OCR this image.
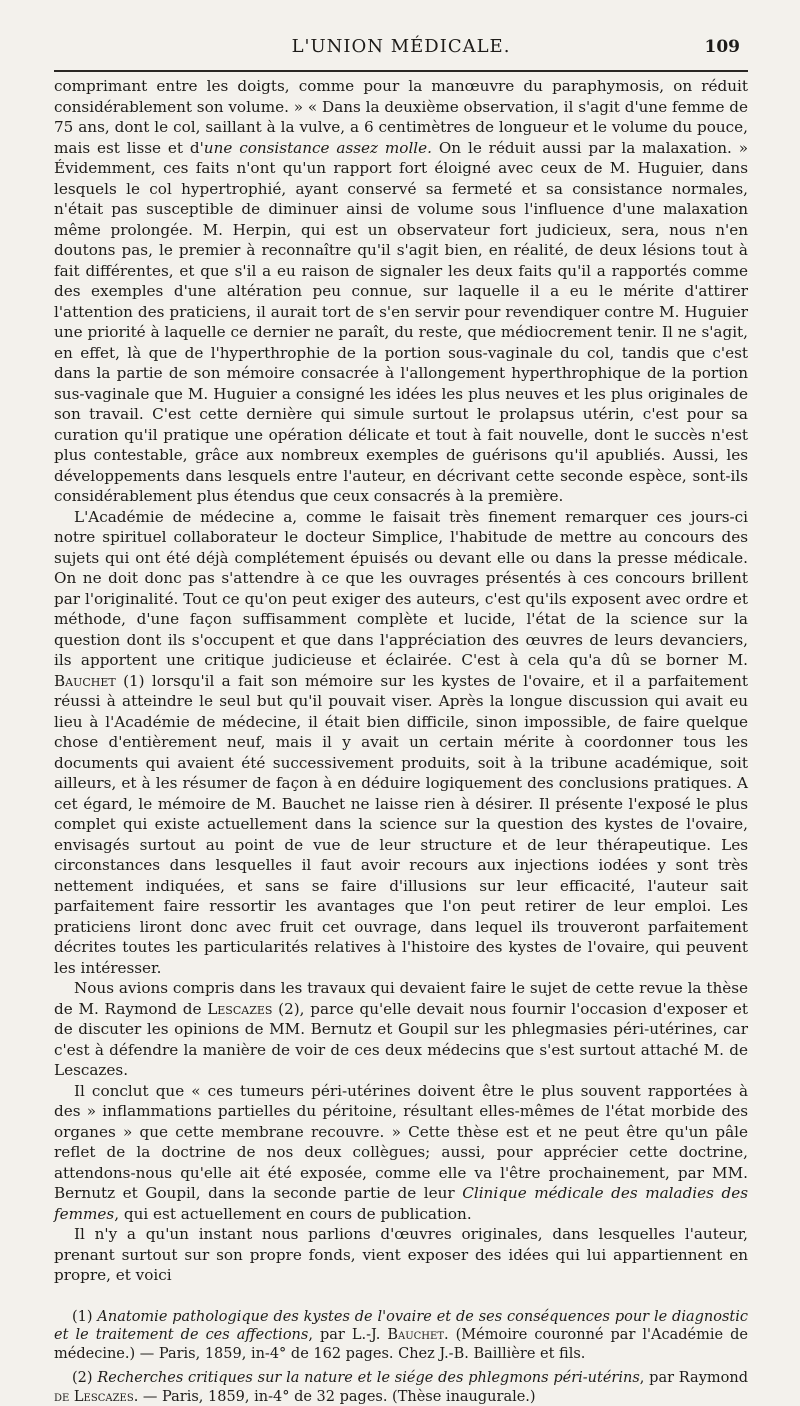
L'UNION MÉDICALE.	109

comprimant entre les doigts, comme pour la manœuvre du paraphymosis, on réduit considérablement son volume. » « Dans la deuxième observation, il s'agit d'une femme de 75 ans, dont le col, saillant à la vulve, a 6 centimètres de longueur et le volume du pouce, mais est lisse et d'une consistance assez molle. On le réduit aussi par la malaxation. » Évidemment, ces faits n'ont qu'un rapport fort éloigné avec ceux de M. Huguier, dans lesquels le col hypertrophié, ayant conservé sa fermeté et sa consistance normales, n'était pas susceptible de diminuer ainsi de volume sous l'influence d'une malaxation même prolongée. M. Herpin, qui est un observateur fort judicieux, sera, nous n'en doutons pas, le premier à reconnaître qu'il s'agit bien, en réalité, de deux lésions tout à fait différentes, et que s'il a eu raison de signaler les deux faits qu'il a rapportés comme des exemples d'une altération peu connue, sur laquelle il a eu le mérite d'attirer l'attention des praticiens, il aurait tort de s'en servir pour revendiquer contre M. Huguier une priorité à laquelle ce dernier ne paraît, du reste, que médiocrement tenir. Il ne s'agit, en effet, là que de l'hyperthrophie de la portion sous-vaginale du col, tandis que c'est dans la partie de son mémoire consacrée à l'allongement hyperthrophique de la portion sus-vaginale que M. Huguier a consigné les idées les plus neuves et les plus originales de son travail. C'est cette dernière qui simule surtout le prolapsus utérin, c'est pour sa curation qu'il pratique une opération délicate et tout à fait nouvelle, dont le succès n'est plus contestable, grâce aux nombreux exemples de guérisons qu'il apubliés. Aussi, les développements dans lesquels entre l'auteur, en décrivant cette seconde espèce, sont-ils considérablement plus étendus que ceux consacrés à la première.

L'Académie de médecine a, comme le faisait très finement remarquer ces jours-ci notre spirituel collaborateur le docteur Simplice, l'habitude de mettre au concours des sujets qui ont été déjà complétement épuisés ou devant elle ou dans la presse médicale. On ne doit donc pas s'attendre à ce que les ouvrages présentés à ces concours brillent par l'originalité. Tout ce qu'on peut exiger des auteurs, c'est qu'ils exposent avec ordre et méthode, d'une façon suffisamment complète et lucide, l'état de la science sur la question dont ils s'occupent et que dans l'appréciation des œuvres de leurs devanciers, ils apportent une critique judicieuse et éclairée. C'est à cela qu'a dû se borner M. Bauchet (1) lorsqu'il a fait son mémoire sur les kystes de l'ovaire, et il a parfaitement réussi à atteindre le seul but qu'il pouvait viser. Après la longue discussion qui avait eu lieu à l'Académie de médecine, il était bien difficile, sinon impossible, de faire quelque chose d'entièrement neuf, mais il y avait un certain mérite à coordonner tous les documents qui avaient été successivement produits, soit à la tribune académique, soit ailleurs, et à les résumer de façon à en déduire logiquement des conclusions pratiques. A cet égard, le mémoire de M. Bauchet ne laisse rien à désirer. Il présente l'exposé le plus complet qui existe actuellement dans la science sur la question des kystes de l'ovaire, envisagés surtout au point de vue de leur structure et de leur thérapeutique. Les circonstances dans lesquelles il faut avoir recours aux injections iodées y sont très nettement indiquées, et sans se faire d'illusions sur leur efficacité, l'auteur sait parfaitement faire ressortir les avantages que l'on peut retirer de leur emploi. Les praticiens liront donc avec fruit cet ouvrage, dans lequel ils trouveront parfaitement décrites toutes les particularités relatives à l'histoire des kystes de l'ovaire, qui peuvent les intéresser.

Nous avions compris dans les travaux qui devaient faire le sujet de cette revue la thèse de M. Raymond de Lescazes (2), parce qu'elle devait nous fournir l'occasion d'exposer et de discuter les opinions de MM. Bernutz et Goupil sur les phlegmasies péri-utérines, car c'est à défendre la manière de voir de ces deux médecins que s'est surtout attaché M. de Lescazes.

Il conclut que « ces tumeurs péri-utérines doivent être le plus souvent rapportées à des » inflammations partielles du péritoine, résultant elles-mêmes de l'état morbide des organes » que cette membrane recouvre. » Cette thèse est et ne peut être qu'un pâle reflet de la doctrine de nos deux collègues; aussi, pour apprécier cette doctrine, attendons-nous qu'elle ait été exposée, comme elle va l'être prochainement, par MM. Bernutz et Goupil, dans la seconde partie de leur Clinique médicale des maladies des femmes, qui est actuellement en cours de publication.

Il n'y a qu'un instant nous parlions d'œuvres originales, dans lesquelles l'auteur, prenant surtout sur son propre fonds, vient exposer des idées qui lui appartiennent en propre, et voici

(1) Anatomie pathologique des kystes de l'ovaire et de ses conséquences pour le diagnostic et le traitement de ces affections, par L.-J. Bauchet. (Mémoire couronné par l'Académie de médecine.) — Paris, 1859, in-4° de 162 pages. Chez J.-B. Baillière et fils.

(2) Recherches critiques sur la nature et le siége des phlegmons péri-utérins, par Raymond de Lescazes. — Paris, 1859, in-4° de 32 pages. (Thèse inaugurale.)
